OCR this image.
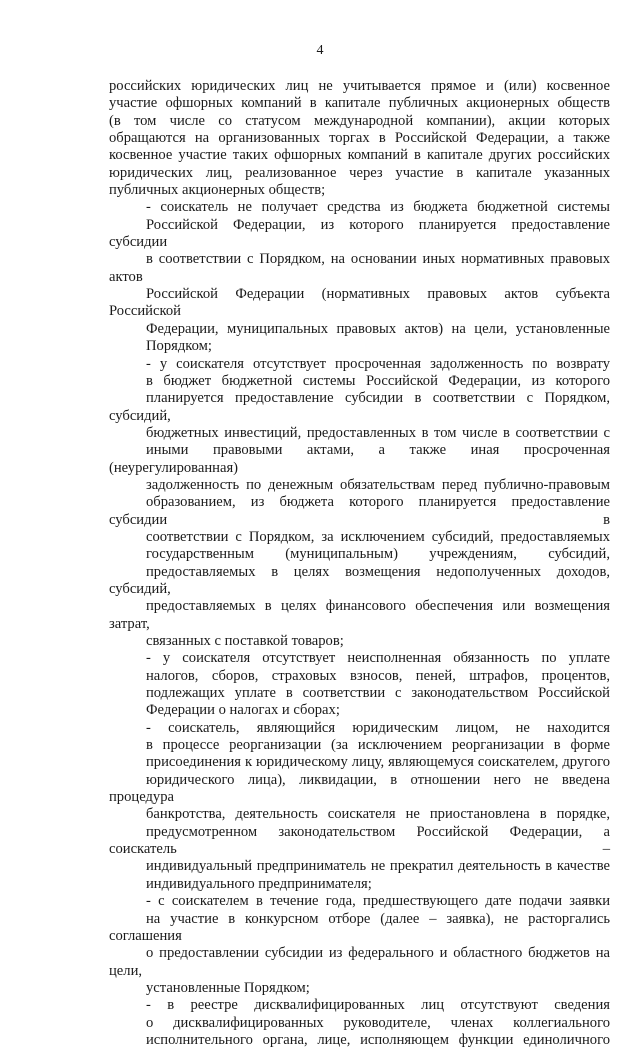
4

российских юридических лиц не учитывается прямое и (или) косвенное
участие офшорных компаний в капитале публичных акционерных обществ
(в том числе со статусом международной компании), акции которых
обращаются на организованных торгах в Российской Федерации, а также
косвенное участие таких офшорных компаний в капитале других российских
юридических лиц, реализованное через участие в капитале указанных
публичных акционерных обществ;

- соискатель не получает средства из бюджета бюджетной системы
Российской Федерации, из которого планируется предоставление субсидии
в соответствии с Порядком, на основании иных нормативных правовых актов
Российской Федерации (нормативных правовых актов субъекта Российской
Федерации, муниципальных правовых актов) на цели, установленные
Порядком;

- у соискателя отсутствует просроченная задолженность по возврату
в бюджет бюджетной системы Российской Федерации, из которого
планируется предоставление субсидии в соответствии с Порядком, субсидий,
бюджетных инвестиций, предоставленных в том числе в соответствии с
иными правовыми актами, а также иная просроченная (неурегулированная)
задолженность по денежным обязательствам перед публично-правовым
образованием, из бюджета которого планируется предоставление субсидии в
соответствии с Порядком, за исключением субсидий, предоставляемых
государственным (муниципальным) учреждениям, субсидий,
предоставляемых в целях возмещения недополученных доходов, субсидий,
предоставляемых в целях финансового обеспечения или возмещения затрат,
связанных с поставкой товаров;

- у соискателя отсутствует неисполненная обязанность по уплате
налогов, сборов, страховых взносов, пеней, штрафов, процентов,
подлежащих уплате в соответствии с законодательством Российской
Федерации о налогах и сборах;

- соискатель, являющийся юридическим лицом, не находится
в процессе реорганизации (за исключением реорганизации в форме
присоединения к юридическому лицу, являющемуся соискателем, другого
юридического лица), ликвидации, в отношении него не введена процедура
банкротства, деятельность соискателя не приостановлена в порядке,
предусмотренном законодательством Российской Федерации, а соискатель –
индивидуальный предприниматель не прекратил деятельность в качестве
индивидуального предпринимателя;

- с соискателем в течение года, предшествующего дате подачи заявки
на участие в конкурсном отборе (далее – заявка), не расторгались соглашения
о предоставлении субсидии из федерального и областного бюджетов на цели,
установленные Порядком;

- в реестре дисквалифицированных лиц отсутствуют сведения
о дисквалифицированных руководителе, членах коллегиального
исполнительного органа, лице, исполняющем функции единоличного
